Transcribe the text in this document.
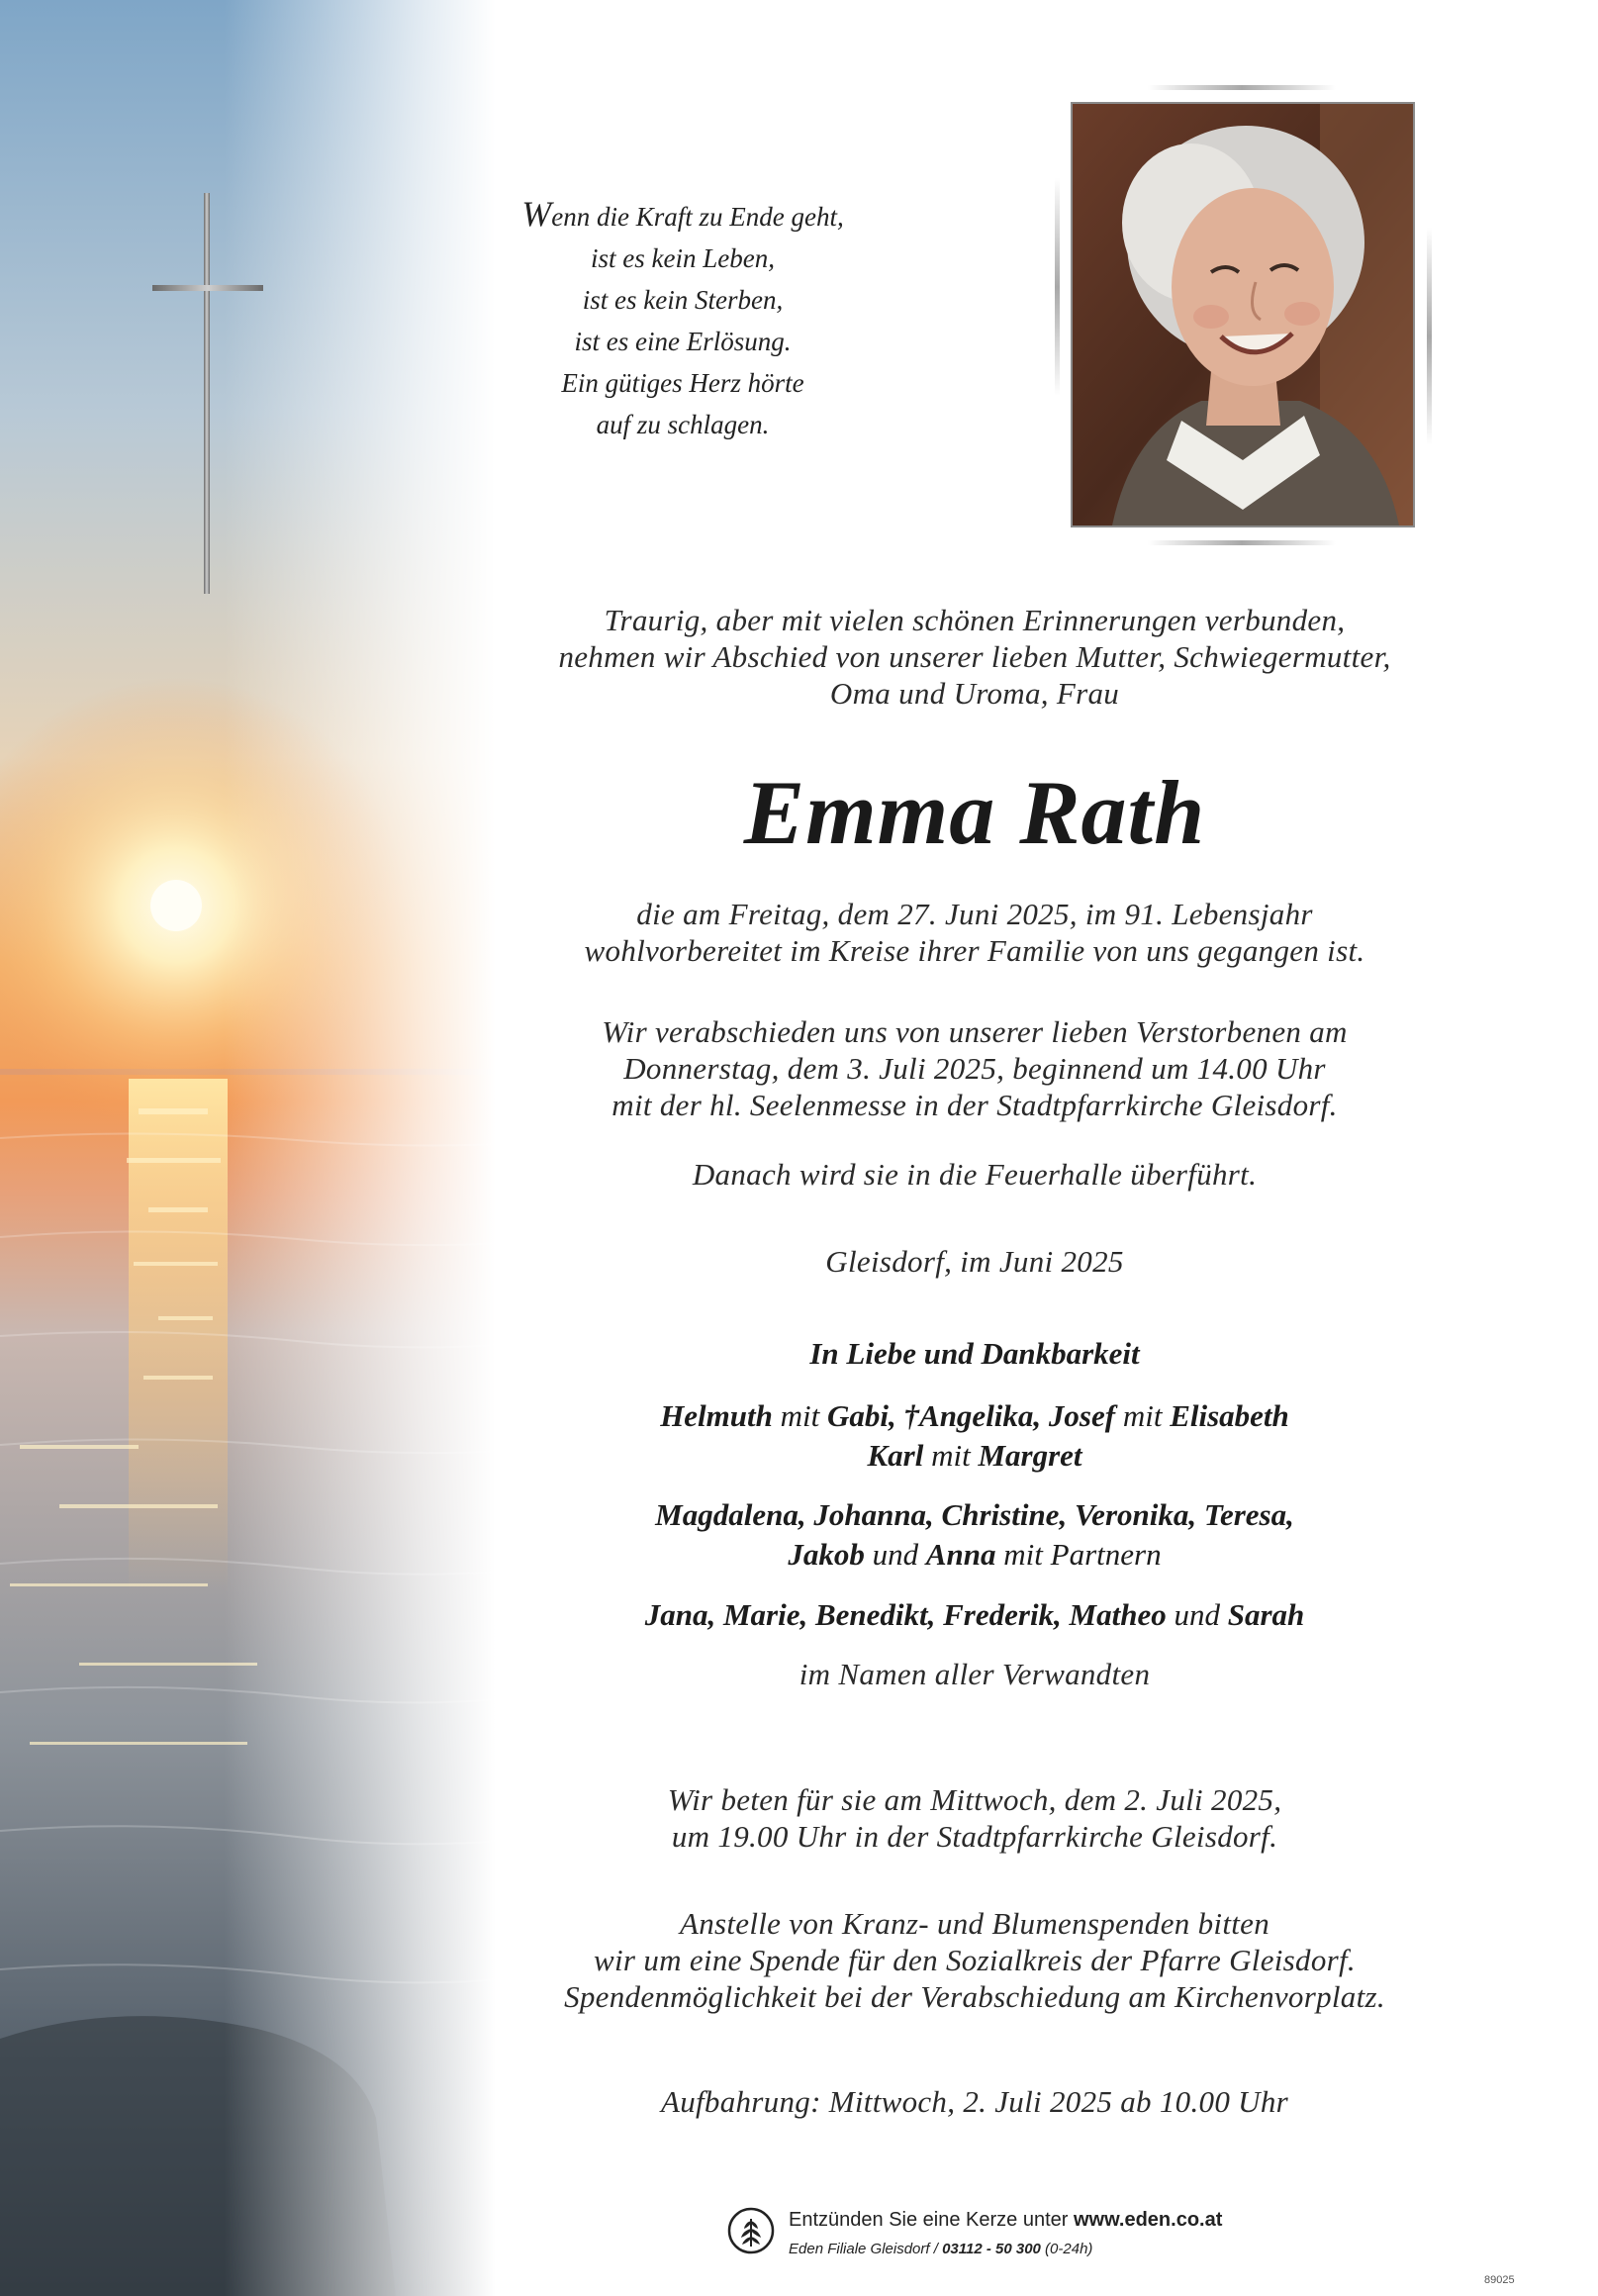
Wenn die Kraft zu Ende geht,
ist es kein Leben,
ist es kein Sterben,
ist es eine Erlösung.
Ein gütiges Herz hörte
auf zu schlagen.
Traurig, aber mit vielen schönen Erinnerungen verbunden,
nehmen wir Abschied von unserer lieben Mutter, Schwiegermutter,
Oma und Uroma, Frau
Emma Rath
die am Freitag, dem 27. Juni 2025, im 91. Lebensjahr
wohlvorbereitet im Kreise ihrer Familie von uns gegangen ist.
Wir verabschieden uns von unserer lieben Verstorbenen am
Donnerstag, dem 3. Juli 2025, beginnend um 14.00 Uhr
mit der hl. Seelenmesse in der Stadtpfarrkirche Gleisdorf.
Danach wird sie in die Feuerhalle überführt.
Gleisdorf, im Juni 2025
In Liebe und Dankbarkeit
Helmuth mit Gabi, †Angelika, Josef mit Elisabeth
Karl mit Margret
Magdalena, Johanna, Christine, Veronika, Teresa,
Jakob und Anna mit Partnern
Jana, Marie, Benedikt, Frederik, Matheo und Sarah
im Namen aller Verwandten
Wir beten für sie am Mittwoch, dem 2. Juli 2025,
um 19.00 Uhr in der Stadtpfarrkirche Gleisdorf.
Anstelle von Kranz- und Blumenspenden bitten
wir um eine Spende für den Sozialkreis der Pfarre Gleisdorf.
Spendenmöglichkeit bei der Verabschiedung am Kirchenvorplatz.
Aufbahrung: Mittwoch, 2. Juli 2025 ab 10.00 Uhr
Entzünden Sie eine Kerze unter www.eden.co.at
Eden Filiale Gleisdorf / 03112 - 50 300 (0-24h)
89025
